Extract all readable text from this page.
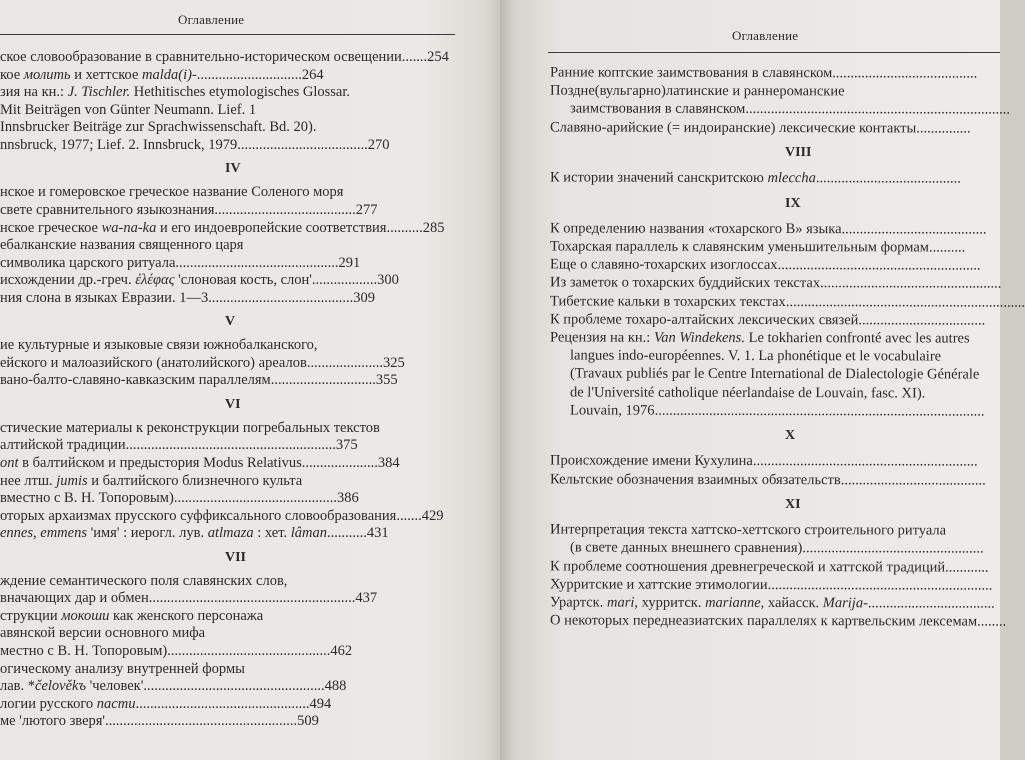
Оглавление
ское словообразование в сравнительно-историческом освещении.......254
кое молить и хеттское malda(i)-.............................264
зия на кн.: J. Tischler. Hethitisches etymologisches Glossar.
Mit Beiträgen von Günter Neumann. Lief. 1
Innsbrucker Beiträge zur Sprachwissenschaft. Bd. 20).
nnsbruck, 1977; Lief. 2. Innsbruck, 1979....................................270
IV
нское и гомеровское греческое название Соленого моря
свете сравнительного языкознания.......................................277
нское греческое wa-na-ka и его индоевропейские соответствия..........285
ебалканские названия священного царя
символика царского ритуала.............................................291
исхождении др.-греч. ἐλέφας 'слоновая кость, слон'..................300
ния слона в языках Евразии. 1—3........................................309
V
ие культурные и языковые связи южнобалканского,
ейского и малоазийского (анатолийского) ареалов.....................325
вано-балто-славяно-кавказским параллелям.............................355
VI
стические материалы к реконструкции погребальных текстов
алтийской традиции..........................................................375
ont в балтийском и предыстория Modus Relativus.....................384
нее лтш. jumis и балтийского близнечного культа
вместно с В. Н. Топоровым).............................................386
оторых архаизмах прусского суффиксального словообразования.......429
ennes, emmens 'имя' : иерогл. лув. atlmaza : хет. lâman...........431
VII
ждение семантического поля славянских слов,
вначающих дар и обмен.........................................................437
струкции мокоши как женского персонажа
авянской версии основного мифа
местно с В. Н. Топоровым).............................................462
огическому анализу внутренней формы
лав. *čelověkъ 'человек'..................................................488
логии русского пасти................................................494
ме 'лютого зверя'.....................................................509
Оглавление
Ранние коптские заимствования в славянском........................................
Поздне(вульгарно)латинские и раннероманские
заимствования в славянском.........................................................................
Славяно-арийские (= индоиранские) лексические контакты...............
VIII
К истории значений санскритскою mleccha........................................
IX
К определению названия «тохарского В» языка........................................
Тохарская параллель к славянским уменьшительным формам..........
Еще о славяно-тохарских изоглоссах........................................................
Из заметок о тохарских буддийских текстах..................................................
Тибетские кальки в тохарских текстах..................................................................
К проблеме тохаро-алтайских лексических связей...................................
Рецензия на кн.: Van Windekens. Le tokharien confronté avec les autres
langues indo-européennes. V. 1. La phonétique et le vocabulaire
(Travaux publiés par le Centre International de Dialectologie Générale
de l'Université catholique néerlandaise de Louvain, fasc. XI).
Louvain, 1976...........................................................................................
X
Происхождение имени Кухулина..............................................................
Кельтские обозначения взаимных обязательств........................................
XI
Интерпретация текста хаттско-хеттского строительного ритуала
(в свете данных внешнего сравнения)..................................................
К проблеме соотношения древнегреческой и хаттской традиций............
Хурритские и хаттские этимологии..............................................................
Урартск. mari, хурритск. marianne, хайасск. Marija-...................................
О некоторых переднеазиатских параллелях к картвельским лексемам........
